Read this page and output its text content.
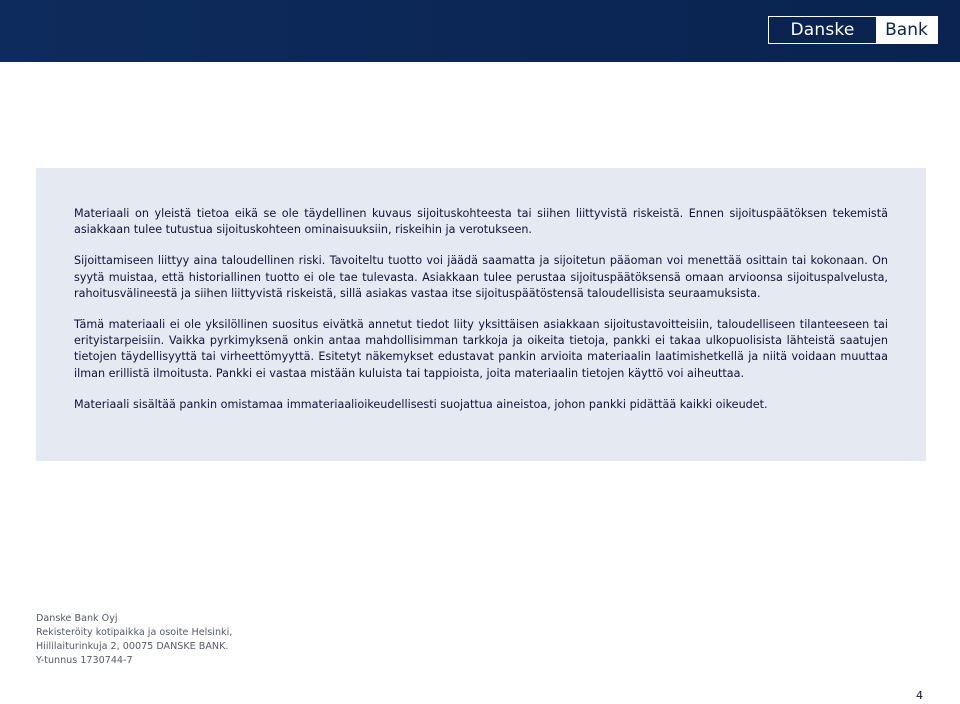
Danske	Bank

Materiaali on yleistä tietoa eikä se ole täydellinen kuvaus sijoituskohteesta tai siihen liittyvistä riskeistä. Ennen sijoituspäätöksen tekemistä asiakkaan tulee tutustua sijoituskohteen ominaisuuksiin, riskeihin ja verotukseen.

Sijoittamiseen liittyy aina taloudellinen riski. Tavoiteltu tuotto voi jäädä saamatta ja sijoitetun pääoman voi menettää osittain tai kokonaan. On syytä muistaa, että historiallinen tuotto ei ole tae tulevasta. Asiakkaan tulee perustaa sijoituspäätöksensä omaan arvioonsa sijoituspalvelusta, rahoitusvälineestä ja siihen liittyvistä riskeistä, sillä asiakas vastaa itse sijoituspäätöstensä taloudellisista seuraamuksista.

Tämä materiaali ei ole yksilöllinen suositus eivätkä annetut tiedot liity yksittäisen asiakkaan sijoitustavoitteisiin, taloudelliseen tilanteeseen tai erityistarpeisiin. Vaikka pyrkimyksenä onkin antaa mahdollisimman tarkkoja ja oikeita tietoja, pankki ei takaa ulkopuolisista lähteistä saatujen tietojen täydellisyyttä tai virheettömyyttä. Esitetyt näkemykset edustavat pankin arvioita materiaalin laatimishetkellä ja niitä voidaan muuttaa ilman erillistä ilmoitusta. Pankki ei vastaa mistään kuluista tai tappioista, joita materiaalin tietojen käyttö voi aiheuttaa.

Materiaali sisältää pankin omistamaa immateriaalioikeudellisesti suojattua aineistoa, johon pankki pidättää kaikki oikeudet.

Danske Bank Oyj
Rekisteröity kotipaikka ja osoite Helsinki,
Hiililaiturinkuja 2, 00075 DANSKE BANK.
Y-tunnus 1730744-7
4
